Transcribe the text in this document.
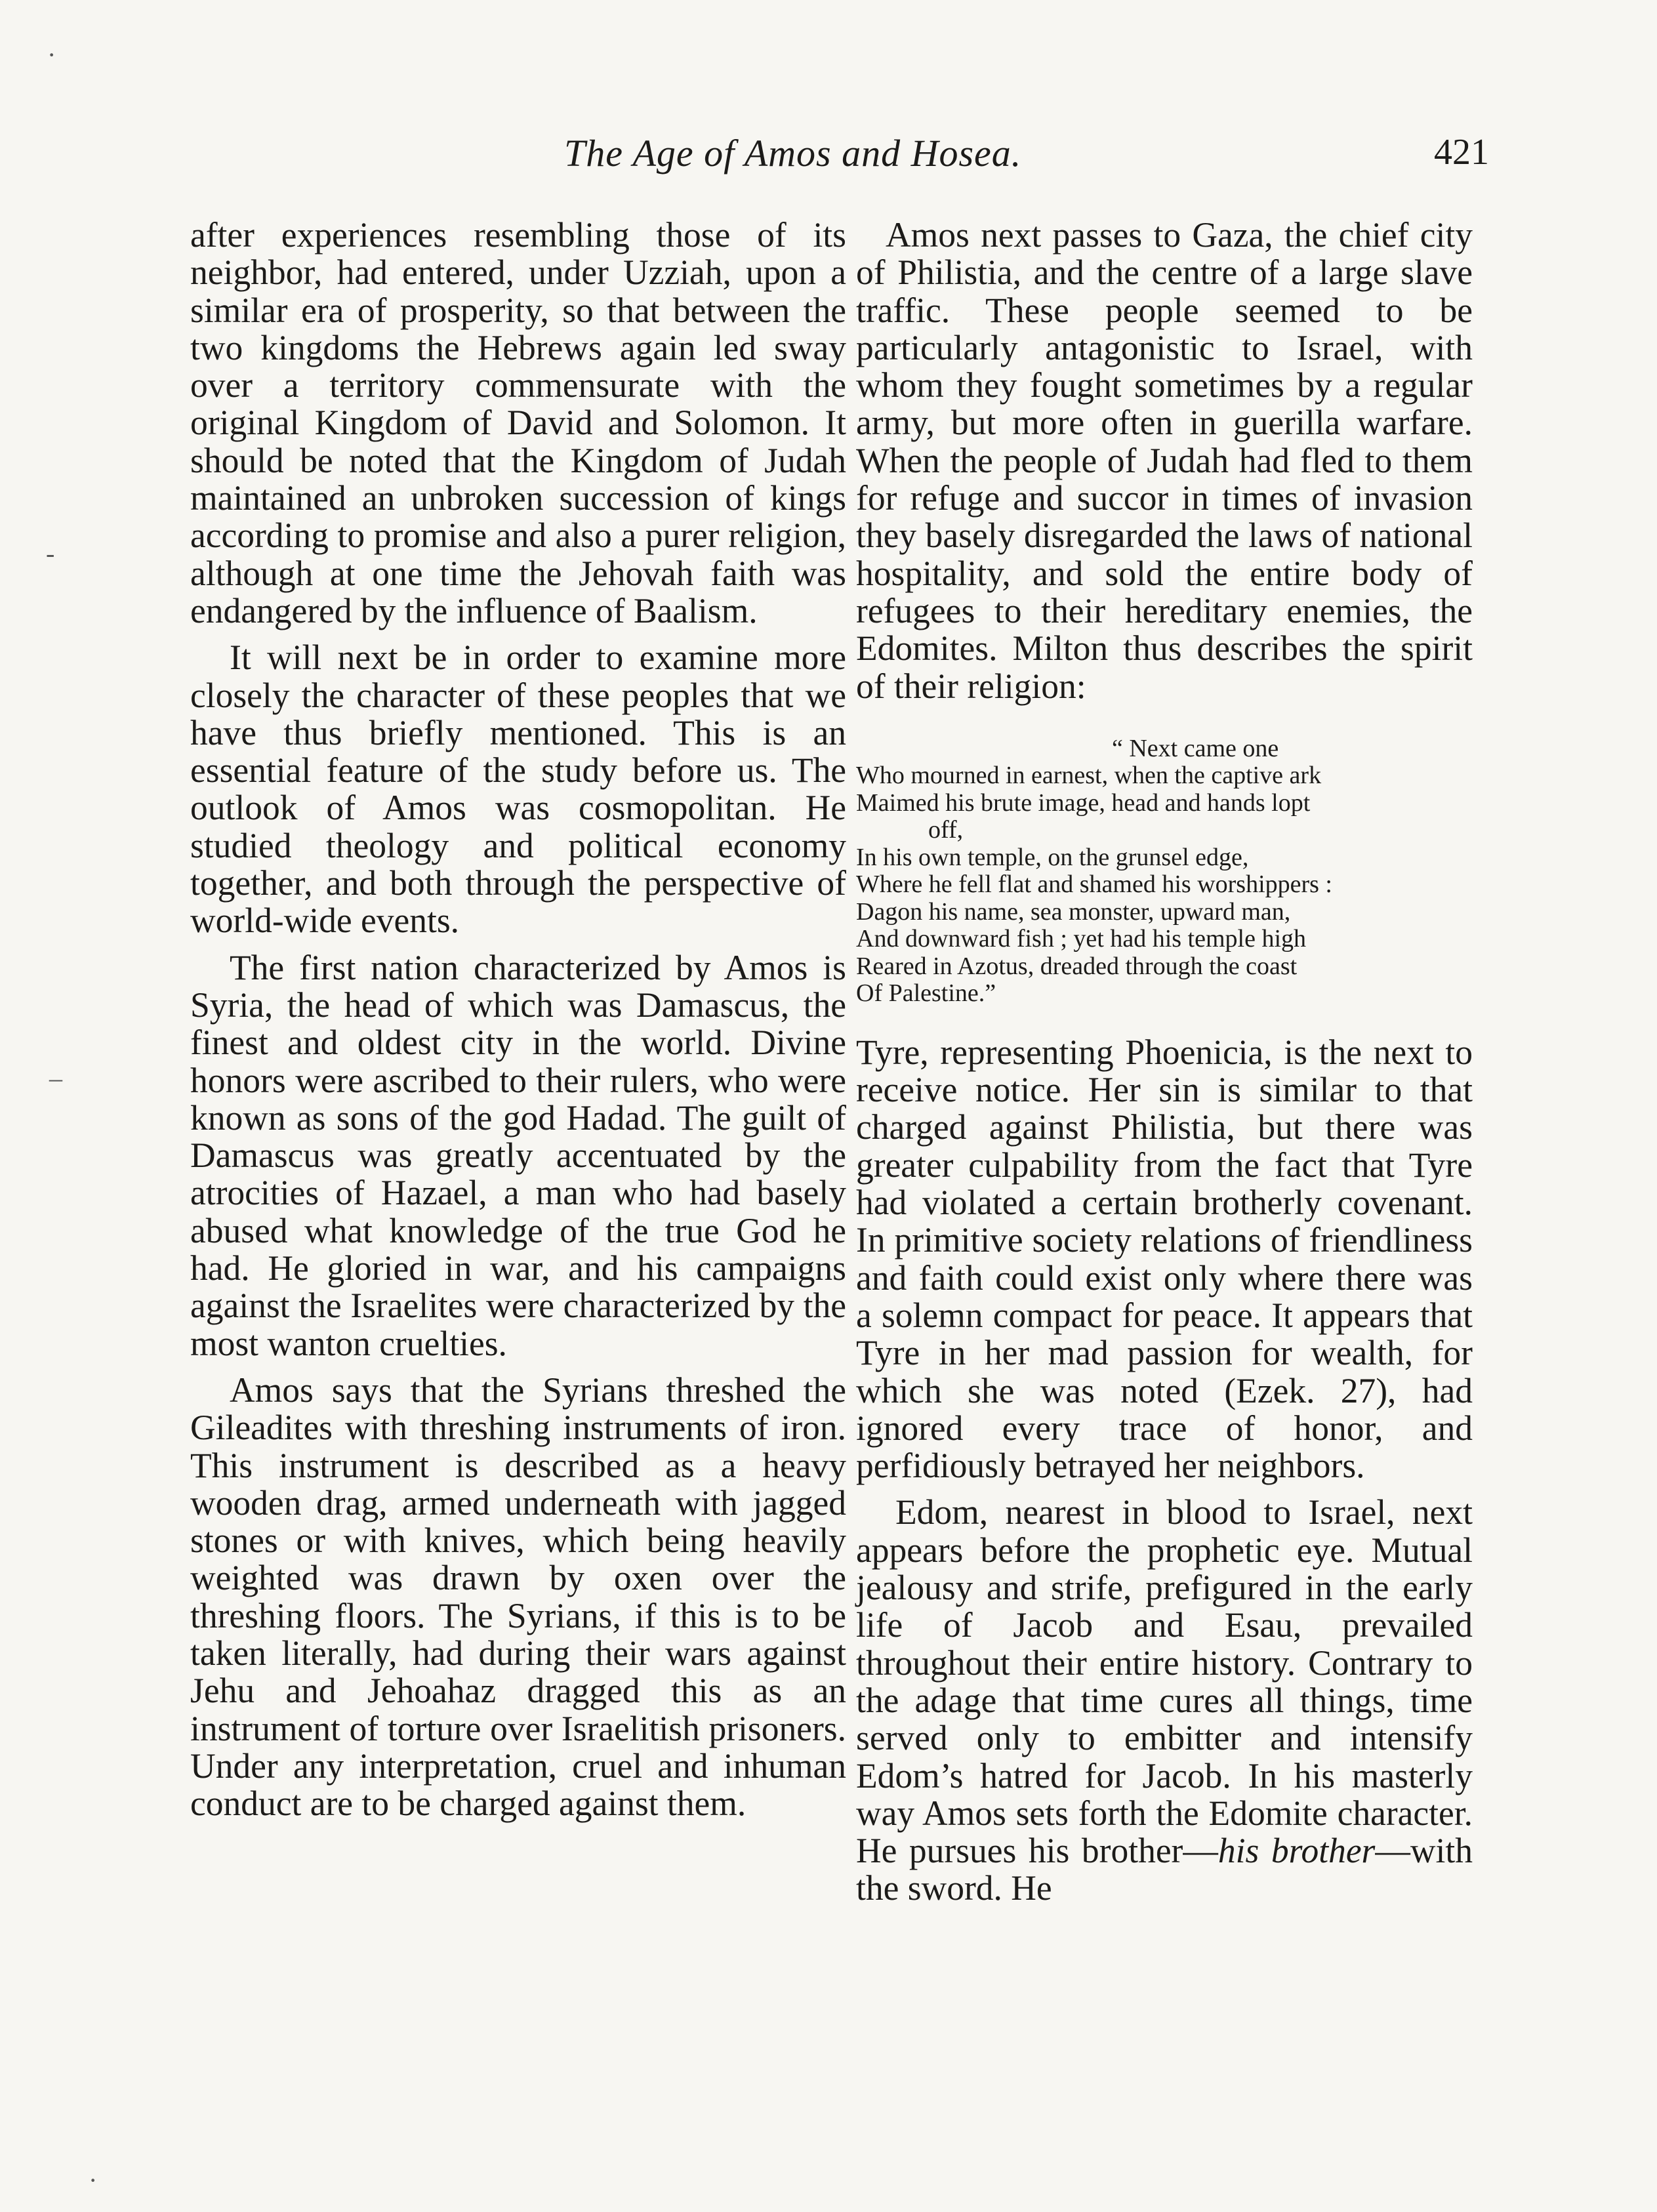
The Age of Amos and Hosea.	421

after experiences resembling those of its neighbor, had entered, under Uzziah, upon a similar era of prosperity, so that between the two kingdoms the Hebrews again led sway over a territory commensurate with the original Kingdom of David and Solomon. It should be noted that the Kingdom of Judah maintained an unbroken succession of kings according to promise and also a purer religion, although at one time the Jehovah faith was endangered by the influence of Baalism.

It will next be in order to examine more closely the character of these peoples that we have thus briefly mentioned. This is an essential feature of the study before us. The outlook of Amos was cosmopolitan. He studied theology and political economy together, and both through the perspective of world-wide events.

The first nation characterized by Amos is Syria, the head of which was Damascus, the finest and oldest city in the world. Divine honors were ascribed to their rulers, who were known as sons of the god Hadad. The guilt of Damascus was greatly accentuated by the atrocities of Hazael, a man who had basely abused what knowledge of the true God he had. He gloried in war, and his campaigns against the Israelites were characterized by the most wanton cruelties.

Amos says that the Syrians threshed the Gileadites with threshing instruments of iron. This instrument is described as a heavy wooden drag, armed underneath with jagged stones or with knives, which being heavily weighted was drawn by oxen over the threshing floors. The Syrians, if this is to be taken literally, had during their wars against Jehu and Jehoahaz dragged this as an instrument of torture over Israelitish prisoners. Under any interpretation, cruel and inhuman conduct are to be charged against them.

Amos next passes to Gaza, the chief city of Philistia, and the centre of a large slave traffic. These people seemed to be particularly antagonistic to Israel, with whom they fought sometimes by a regular army, but more often in guerilla warfare. When the people of Judah had fled to them for refuge and succor in times of invasion they basely disregarded the laws of national hospitality, and sold the entire body of refugees to their hereditary enemies, the Edomites. Milton thus describes the spirit of their religion:

“ Next came one
Who mourned in earnest, when the captive ark
Maimed his brute image, head and hands lopt
off,
In his own temple, on the grunsel edge,
Where he fell flat and shamed his worshippers :
Dagon his name, sea monster, upward man,
And downward fish ; yet had his temple high
Reared in Azotus, dreaded through the coast
Of Palestine.”

Tyre, representing Phoenicia, is the next to receive notice. Her sin is similar to that charged against Philistia, but there was greater culpability from the fact that Tyre had violated a certain brotherly covenant. In primitive society relations of friendliness and faith could exist only where there was a solemn compact for peace. It appears that Tyre in her mad passion for wealth, for which she was noted (Ezek. 27), had ignored every trace of honor, and perfidiously betrayed her neighbors.

Edom, nearest in blood to Israel, next appears before the prophetic eye. Mutual jealousy and strife, prefigured in the early life of Jacob and Esau, prevailed throughout their entire history. Contrary to the adage that time cures all things, time served only to embitter and intensify Edom’s hatred for Jacob. In his masterly way Amos sets forth the Edomite character. He pursues his brother—his brother—with the sword. He

·
-
–
·
